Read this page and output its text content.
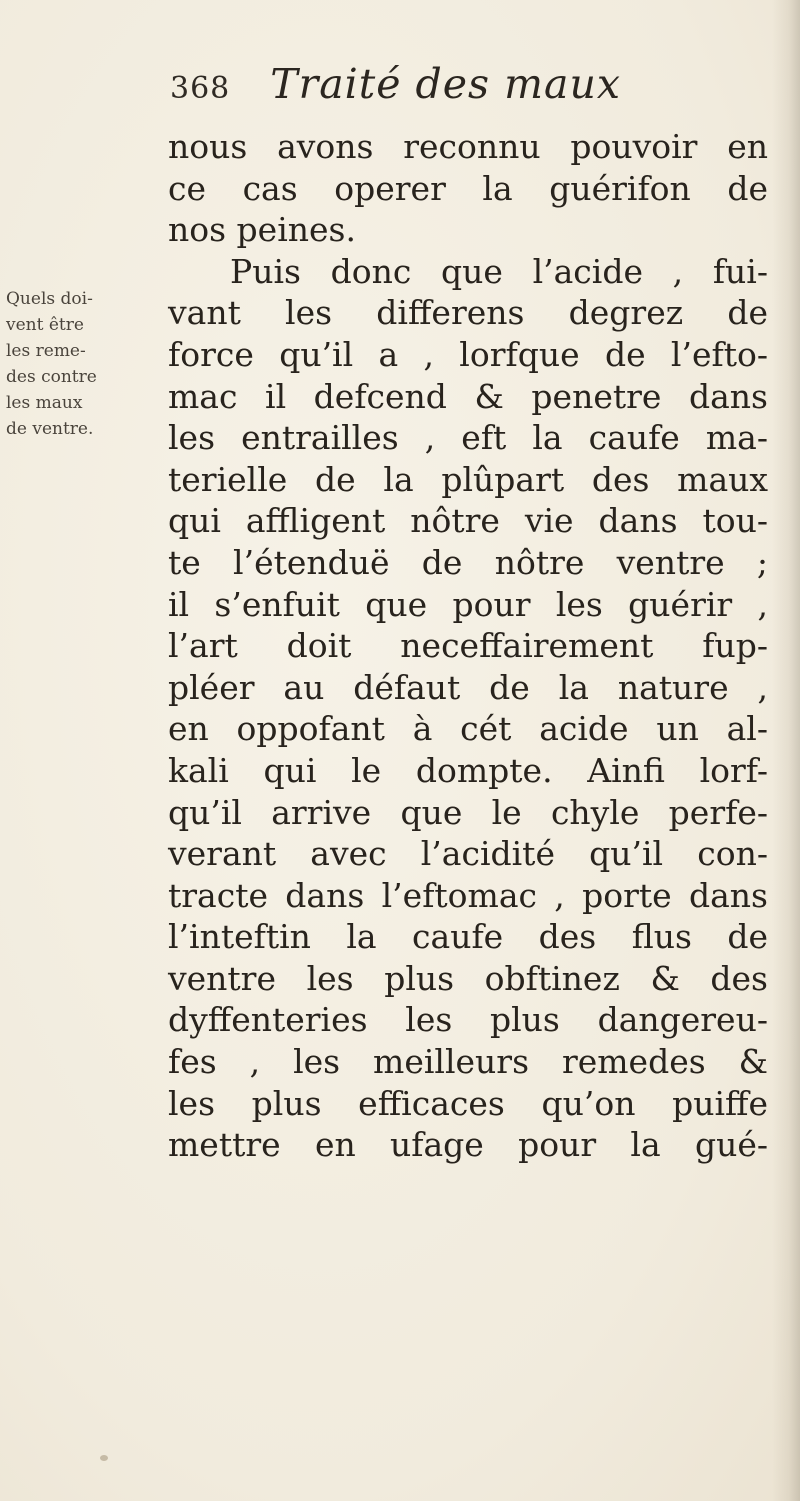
368 Traité des maux
Quels doi-
vent être
les reme-
des contre
les maux
de ventre.
nous avons reconnu pouvoir en
ce cas operer la guérifon de
nos peines.
Puis donc que l’acide , fui-
vant les differens degrez de
force qu’il a , lorfque de l’efto-
mac il defcend & penetre dans
les entrailles , eft la caufe ma-
terielle de la plûpart des maux
qui affligent nôtre vie dans tou-
te l’étenduë de nôtre ventre ;
il s’enfuit que pour les guérir ,
l’art doit neceffairement fup-
pléer au défaut de la nature ,
en oppofant à cét acide un al-
kali qui le dompte. Ainfi lorf-
qu’il arrive que le chyle perfe-
verant avec l’acidité qu’il con-
tracte dans l’eftomac , porte dans
l’inteftin la caufe des flus de
ventre les plus obftinez & des
dyffenteries les plus dangereu-
fes , les meilleurs remedes &
les plus efficaces qu’on puiffe
mettre en ufage pour la gué-
